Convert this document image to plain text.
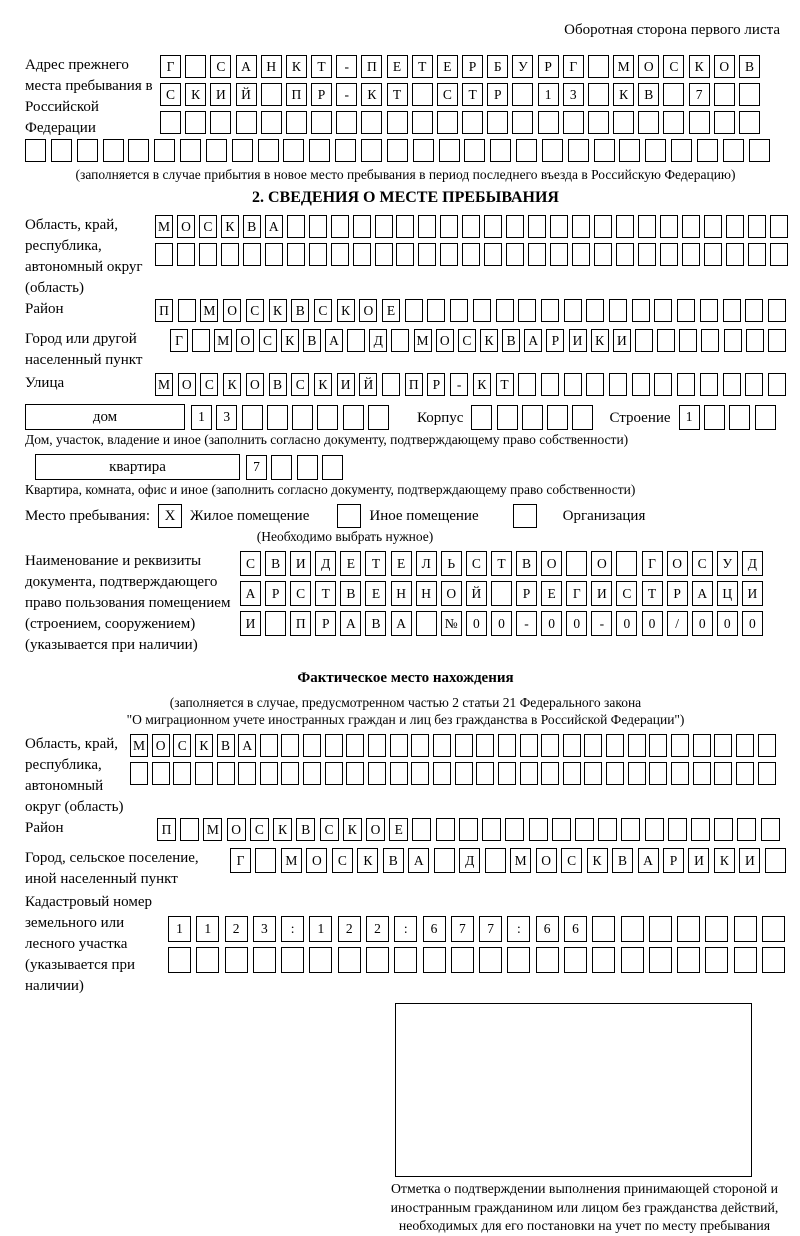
Оборотная сторона первого листа
Адрес прежнего места пребывания в Российской Федерации
Г	С	А	Н	К	Т	-	П	Е	Т	Е	Р	Б	У	Р	Г	М	О	С	К	О	В
С	К	И	Й	П	Р	-	К	Т	С	Т	Р	1	3	К	В	7
(заполняется в случае прибытия в новое место пребывания в период последнего въезда в Российскую Федерацию)
2. СВЕДЕНИЯ О МЕСТЕ ПРЕБЫВАНИЯ
Область, край, республика, автономный округ (область)
М О С К В А
Район	П	М О С	К	В	С	К О	Е
Город или другой населенный пункт
Г	М О С К В А	Д	М О С К В А	Р	И К И
Улица	М О С	К О В	С	К И Й	П	Р	-	К	Т
дом	1	3	Корпус	Строение	1
Дом, участок, владение и иное (заполнить согласно документу, подтверждающему право собственности)
квартира	7
Квартира, комната, офис и иное (заполнить согласно документу, подтверждающему право собственности)
Место пребывания: X Жилое помещение	Иное помещение	Организация
(Необходимо выбрать нужное)
Наименование и реквизиты документа, подтверждающего право пользования помещением (строением, сооружением) (указывается при наличии)
С	В	И	Д	Е	Т	Е	Л	Ь	С	Т	В	О	О	Г	О	С	У	Д
А	Р	С	Т	В	Е	Н	Н	О	Й	Р	Е	Г	И	С	Т	Р	А	Ц	И
И	П	Р	А	В	А	№	0	0	-	0	0	-	0	0	/	0	0	0
Фактическое место нахождения
(заполняется в случае, предусмотренном частью 2 статьи 21 Федерального закона
"О миграционном учете иностранных граждан и лиц без гражданства в Российской Федерации")
Область, край, республика, автономный округ (область)
М О С К В А
Район	П	М О	С	К	В	С	К	О	Е
Город, сельское поселение, иной населенный пункт
Г	М	О	С	К	В	А	Д	М	О	С	К	В	А	Р	И	К	И
Кадастровый номер земельного или лесного участка (указывается при наличии)
1	1	2	3	:	1	2	2	:	6	7	7	:	6	6
Отметка о подтверждении выполнения принимающей стороной и иностранным гражданином или лицом без гражданства действий, необходимых для его постановки на учет по месту пребывания
